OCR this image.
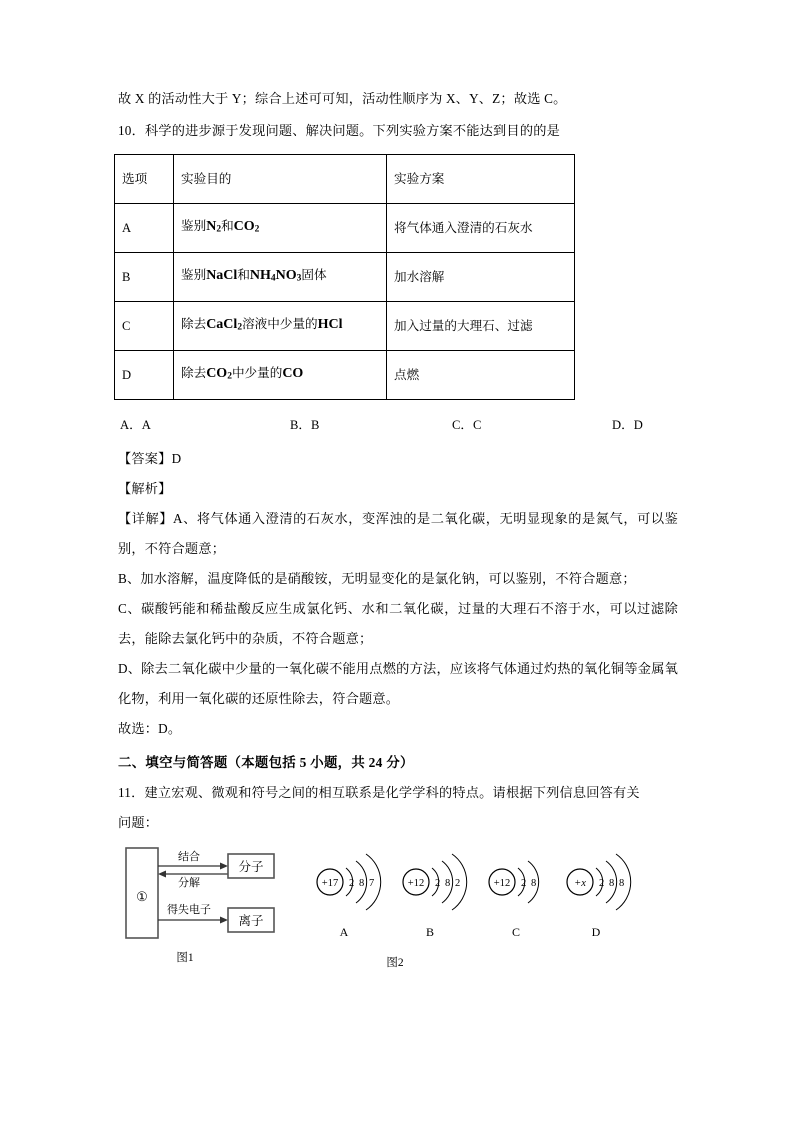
故 X 的活动性大于 Y；综合上述可可知，活动性顺序为 X、Y、Z；故选 C。

10．科学的进步源于发现问题、解决问题。下列实验方案不能达到目的的是

选项	实验目的	实验方案
A	鉴别$N_2$和$CO_2$	将气体通入澄清的石灰水
B	鉴别NaCl和$NH_4NO_3$固体	加水溶解
C	除去CaCl$_2$溶液中少量的HCl	加入过量的大理石、过滤
D	除去$CO_2$中少量的CO	点燃
A．A	B．B	C．C	D．D

【答案】D

【解析】

【详解】A、将气体通入澄清的石灰水，变浑浊的是二氧化碳，无明显现象的是氮气，可以鉴别，不符合题意；

B、加水溶解，温度降低的是硝酸铵，无明显变化的是氯化钠，可以鉴别，不符合题意；

C、碳酸钙能和稀盐酸反应生成氯化钙、水和二氧化碳，过量的大理石不溶于水，可以过滤除去，能除去氯化钙中的杂质，不符合题意；

D、除去二氧化碳中少量的一氧化碳不能用点燃的方法，应该将气体通过灼热的氧化铜等金属氧化物，利用一氧化碳的还原性除去，符合题意。

故选：D。

二、填空与简答题（本题包括 5 小题，共 24 分）

11．建立宏观、微观和符号之间的相互联系是化学学科的特点。请根据下列信息回答有关

问题：

①
结合
分解
分子
得失电子
离子
图1
+17 2 8 7
A
+12 2 8 2
B
+12 2 8
C
+x 2 8 8
D
图2
